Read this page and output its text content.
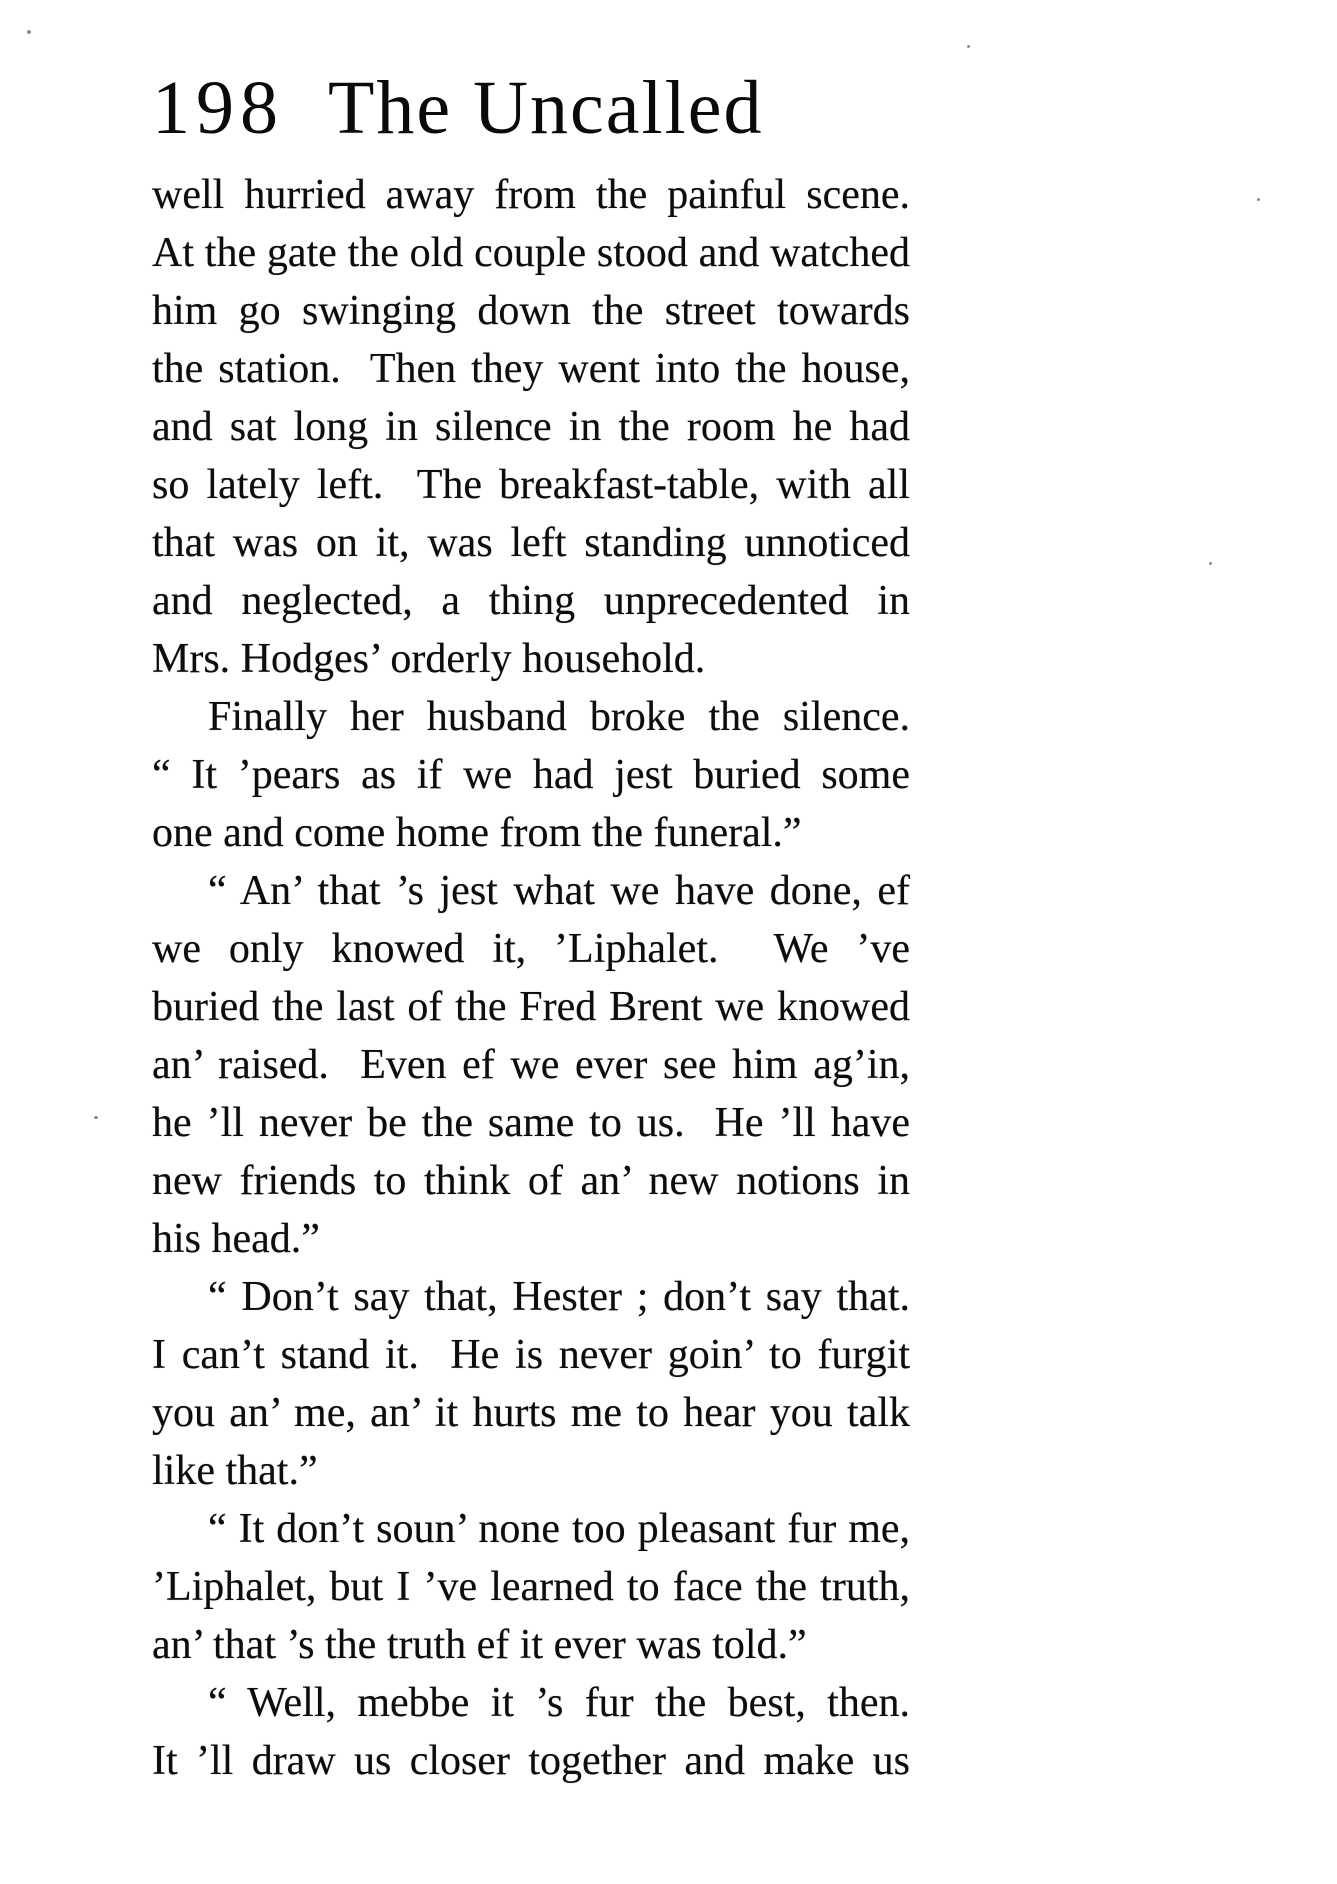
198 The Uncalled
well hurried away from the painful scene.
At the gate the old couple stood and watched
him go swinging down the street towards
the station.  Then they went into the house,
and sat long in silence in the room he had
so lately left.  The breakfast-table, with all
that was on it, was left standing unnoticed
and neglected, a thing unprecedented in
Mrs. Hodges’ orderly household.
Finally her husband broke the silence.
“ It ’pears as if we had jest buried some
one and come home from the funeral.”
“ An’ that ’s jest what we have done, ef
we only knowed it, ’Liphalet.  We ’ve
buried the last of the Fred Brent we knowed
an’ raised.  Even ef we ever see him ag’in,
he ’ll never be the same to us.  He ’ll have
new friends to think of an’ new notions in
his head.”
“ Don’t say that, Hester ; don’t say that.
I can’t stand it.  He is never goin’ to furgit
you an’ me, an’ it hurts me to hear you talk
like that.”
“ It don’t soun’ none too pleasant fur me,
’Liphalet, but I ’ve learned to face the truth,
an’ that ’s the truth ef it ever was told.”
“ Well, mebbe it ’s fur the best, then.
It ’ll draw us closer together and make us
